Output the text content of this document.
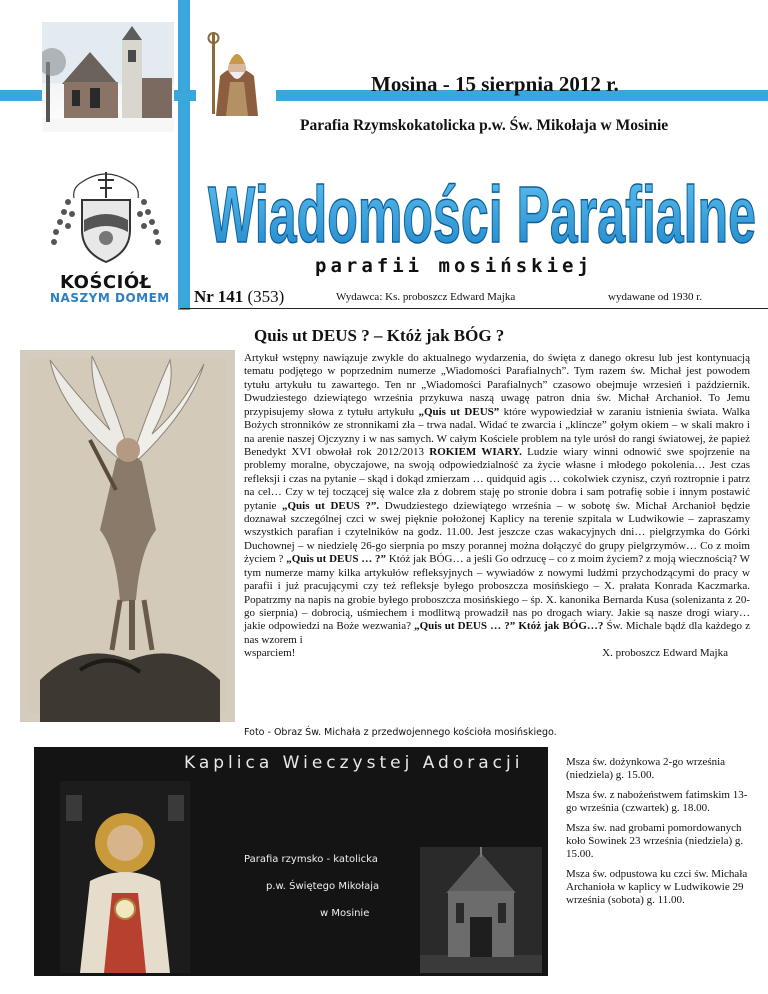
Mosina - 15 sierpnia 2012 r.
Parafia Rzymskokatolicka p.w. Św. Mikołaja w Mosinie
KOŚCIÓŁ
NASZYM DOMEM
Wiadomości Parafialne
parafii mosińskiej
Nr 141 (353)	Wydawca: Ks. proboszcz Edward Majka	wydawane od 1930 r.
Quis ut DEUS ? – Któż jak BÓG ?
Artykuł wstępny nawiązuje zwykle do aktualnego wydarzenia, do święta z danego okresu lub jest kontynuacją tematu podjętego w poprzednim numerze „Wiadomości Parafialnych”. Tym razem św. Michał jest powodem tytułu artykułu tu zawartego. Ten nr „Wiadomości Parafialnych” czasowo obejmuje wrzesień i październik. Dwudziestego dziewiątego września przykuwa naszą uwagę patron dnia św. Michał Archanioł. To Jemu przypisujemy słowa z tytułu artykułu „Quis ut DEUS” które wypowiedział w zaraniu istnienia świata. Walka Bożych stronników ze stronnikami zła – trwa nadal. Widać te zwarcia i „klincze” gołym okiem – w skali makro i na arenie naszej Ojczyzny i w nas samych. W całym Kościele problem na tyle urósł do rangi światowej, że papież Benedykt XVI obwołał rok 2012/2013 ROKIEM WIARY. Ludzie wiary winni odnowić swe spojrzenie na problemy moralne, obyczajowe, na swoją odpowiedzialność za życie własne i młodego pokolenia… Jest czas refleksji i czas na pytanie – skąd i dokąd zmierzam … quidquid agis … cokolwiek czynisz, czyń roztropnie i patrz na cel… Czy w tej toczącej się walce zła z dobrem staję po stronie dobra i sam potrafię sobie i innym postawić pytanie „Quis ut DEUS ?”. Dwudziestego dziewiątego września – w sobotę św. Michał Archanioł będzie doznawał szczególnej czci w swej pięknie położonej Kaplicy na terenie szpitala w Ludwikowie – zapraszamy wszystkich parafian i czytelników na godz. 11.00. Jest jeszcze czas wakacyjnych dni… pielgrzymka do Górki Duchownej – w niedzielę 26-go sierpnia po mszy porannej można dołączyć do grupy pielgrzymów… Co z moim życiem ? „Quis ut DEUS … ?” Któż jak BÓG… a jeśli Go odrzucę – co z moim życiem? z moją wiecznością? W tym numerze mamy kilka artykułów refleksyjnych – wywiadów z nowymi ludźmi przychodzącymi do pracy w parafii i już pracującymi czy też refleksje byłego proboszcza mosińskiego – X. prałata Konrada Kaczmarka. Popatrzmy na napis na grobie byłego proboszcza mosińskiego – śp. X. kanonika Bernarda Kusa (solenizanta z 20-go sierpnia) – dobrocią, uśmiechem i modlitwą prowadził nas po drogach wiary. Jakie są nasze drogi wiary… jakie odpowiedzi na Boże wezwania? „Quis ut DEUS … ?” Któż jak BÓG…? Św. Michale bądź dla każdego z nas wzorem i
wsparciem!	X. proboszcz Edward Majka
Foto - Obraz Św. Michała z przedwojennego kościoła mosińskiego.
Kaplica Wieczystej Adoracji
Parafia rzymsko - katolicka
p.w. Świętego Mikołaja
w Mosinie

Msza św. dożynkowa 2-go września (niedziela) g. 15.00.

Msza św. z nabożeństwem fatimskim 13-go września (czwartek) g. 18.00.

Msza św. nad grobami pomordowanych koło Sowinek 23 września (niedziela) g. 15.00.

Msza św. odpustowa ku czci św. Michała Archanioła w kaplicy w Ludwikowie 29 września (sobota) g. 11.00.
